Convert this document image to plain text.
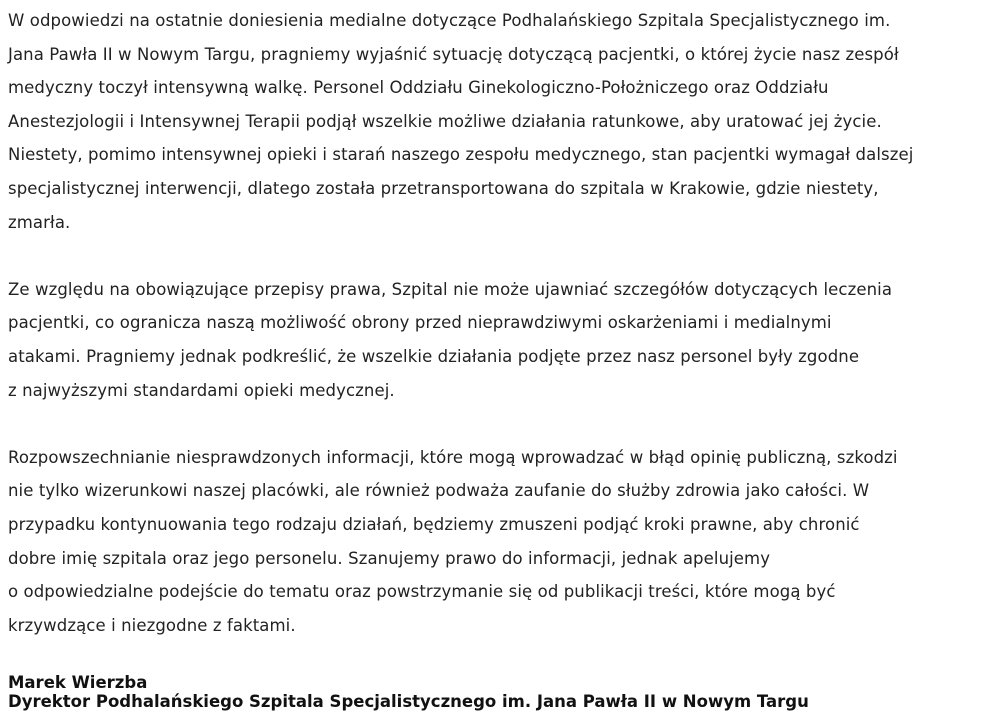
W odpowiedzi na ostatnie doniesienia medialne dotyczące Podhalańskiego Szpitala Specjalistycznego im.
Jana Pawła II w Nowym Targu, pragniemy wyjaśnić sytuację dotyczącą pacjentki, o której życie nasz zespół
medyczny toczył intensywną walkę. Personel Oddziału Ginekologiczno-Położniczego oraz Oddziału
Anestezjologii i Intensywnej Terapii podjął wszelkie możliwe działania ratunkowe, aby uratować jej życie.
Niestety, pomimo intensywnej opieki i starań naszego zespołu medycznego, stan pacjentki wymagał dalszej
specjalistycznej interwencji, dlatego została przetransportowana do szpitala w Krakowie, gdzie niestety,
zmarła.
Ze względu na obowiązujące przepisy prawa, Szpital nie może ujawniać szczegółów dotyczących leczenia
pacjentki, co ogranicza naszą możliwość obrony przed nieprawdziwymi oskarżeniami i medialnymi
atakami. Pragniemy jednak podkreślić, że wszelkie działania podjęte przez nasz personel były zgodne
z najwyższymi standardami opieki medycznej.
Rozpowszechnianie niesprawdzonych informacji, które mogą wprowadzać w błąd opinię publiczną, szkodzi
nie tylko wizerunkowi naszej placówki, ale również podważa zaufanie do służby zdrowia jako całości. W
przypadku kontynuowania tego rodzaju działań, będziemy zmuszeni podjąć kroki prawne, aby chronić
dobre imię szpitala oraz jego personelu. Szanujemy prawo do informacji, jednak apelujemy
o odpowiedzialne podejście do tematu oraz powstrzymanie się od publikacji treści, które mogą być
krzywdzące i niezgodne z faktami.
Marek Wierzba
Dyrektor Podhalańskiego Szpitala Specjalistycznego im. Jana Pawła II w Nowym Targu
